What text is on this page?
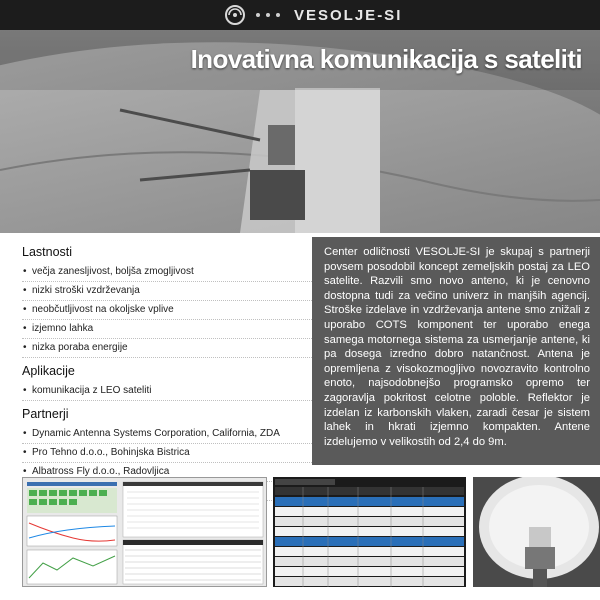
VESOLJE-SI
Inovativna komunikacija s sateliti
Lastnosti
• večja zanesljivost, boljša zmogljivost
• nizki stroški vzdrževanja
• neobčutljivost na okoljske vplive
• izjemno lahka
• nizka poraba energije
Aplikacije
• komunikacija z LEO sateliti
Partnerji
• Dynamic Antenna Systems Corporation, California, ZDA
• Pro Tehno d.o.o., Bohinjska Bistrica
• Albatross Fly d.o.o., Radovljica
•
Center odličnosti VESOLJE-SI je skupaj s partnerji povsem posodobil koncept zemeljskih postaj za LEO satelite. Razvili smo novo anteno, ki je cenovno dostopna tudi za večino univerz in manjših agencij. Stroške izdelave in vzdrževanja antene smo znižali z uporabo COTS komponent ter uporabo enega samega motornega sistema za usmerjanje antene, ki pa dosega izredno dobro natančnost. Antena je opremljena z visokozmogljivo novozravito kontrolno enoto, najsodobnejšo programsko opremo ter zagoravlja pokritost celotne poloble. Reflektor je izdelan iz karbonskih vlaken, zaradi česar je sistem lahek in hkrati izjemno kompakten. Antene izdelujemo v velikostih od 2,4 do 9m.
